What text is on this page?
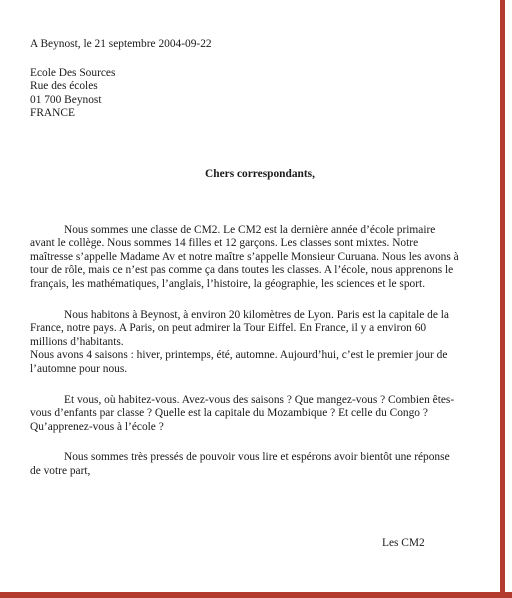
A Beynost, le 21 septembre 2004-09-22
Ecole Des Sources
Rue des écoles
01 700 Beynost
FRANCE
Chers correspondants,
Nous sommes une classe de CM2. Le CM2 est la dernière année d’école primaire
avant le collège. Nous sommes 14 filles et 12 garçons. Les classes sont mixtes. Notre
maîtresse s’appelle Madame Av et notre maître s’appelle Monsieur Curuana. Nous les avons à
tour de rôle, mais ce n’est pas comme ça dans toutes les classes. A l’école, nous apprenons le
français, les mathématiques, l’anglais, l’histoire, la géographie, les sciences et le sport.
Nous habitons à Beynost, à environ 20 kilomètres de Lyon. Paris est la capitale de la
France, notre pays. A Paris, on peut admirer la Tour Eiffel. En France, il y a environ 60
millions d’habitants.
Nous avons 4 saisons : hiver, printemps, été, automne. Aujourd’hui, c’est le premier jour de
l’automne pour nous.
Et vous, où habitez-vous. Avez-vous des saisons ? Que mangez-vous ? Combien êtes-
vous d’enfants par classe ? Quelle est la capitale du Mozambique ? Et celle du Congo ?
Qu’apprenez-vous à l’école ?
Nous sommes très pressés de pouvoir vous lire et espérons avoir bientôt une réponse
de votre part,
Les CM2
